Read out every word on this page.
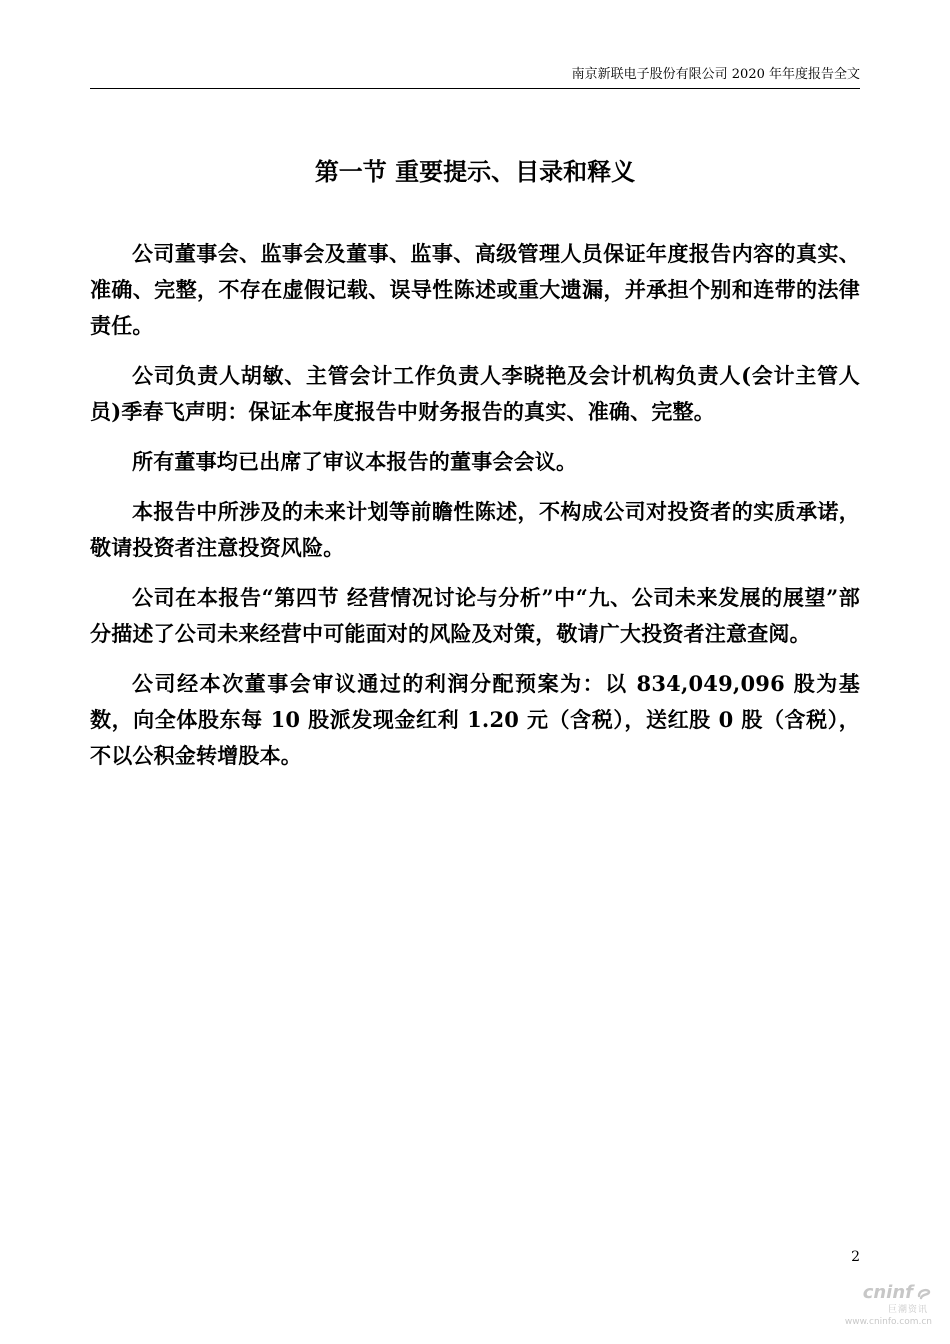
南京新联电子股份有限公司 2020 年年度报告全文
第一节 重要提示、目录和释义

公司董事会、监事会及董事、监事、高级管理人员保证年度报告内容的真实、准确、完整，不存在虚假记载、误导性陈述或重大遗漏，并承担个别和连带的法律责任。

公司负责人胡敏、主管会计工作负责人李晓艳及会计机构负责人(会计主管人员)季春飞声明：保证本年度报告中财务报告的真实、准确、完整。

所有董事均已出席了审议本报告的董事会会议。

本报告中所涉及的未来计划等前瞻性陈述，不构成公司对投资者的实质承诺，敬请投资者注意投资风险。

公司在本报告“第四节 经营情况讨论与分析”中“九、公司未来发展的展望”部分描述了公司未来经营中可能面对的风险及对策，敬请广大投资者注意查阅。

公司经本次董事会审议通过的利润分配预案为：以 834,049,096 股为基数，向全体股东每 10 股派发现金红利 1.20 元（含税），送红股 0 股（含税），不以公积金转增股本。

2
cninf
巨潮资讯
www.cninfo.com.cn
